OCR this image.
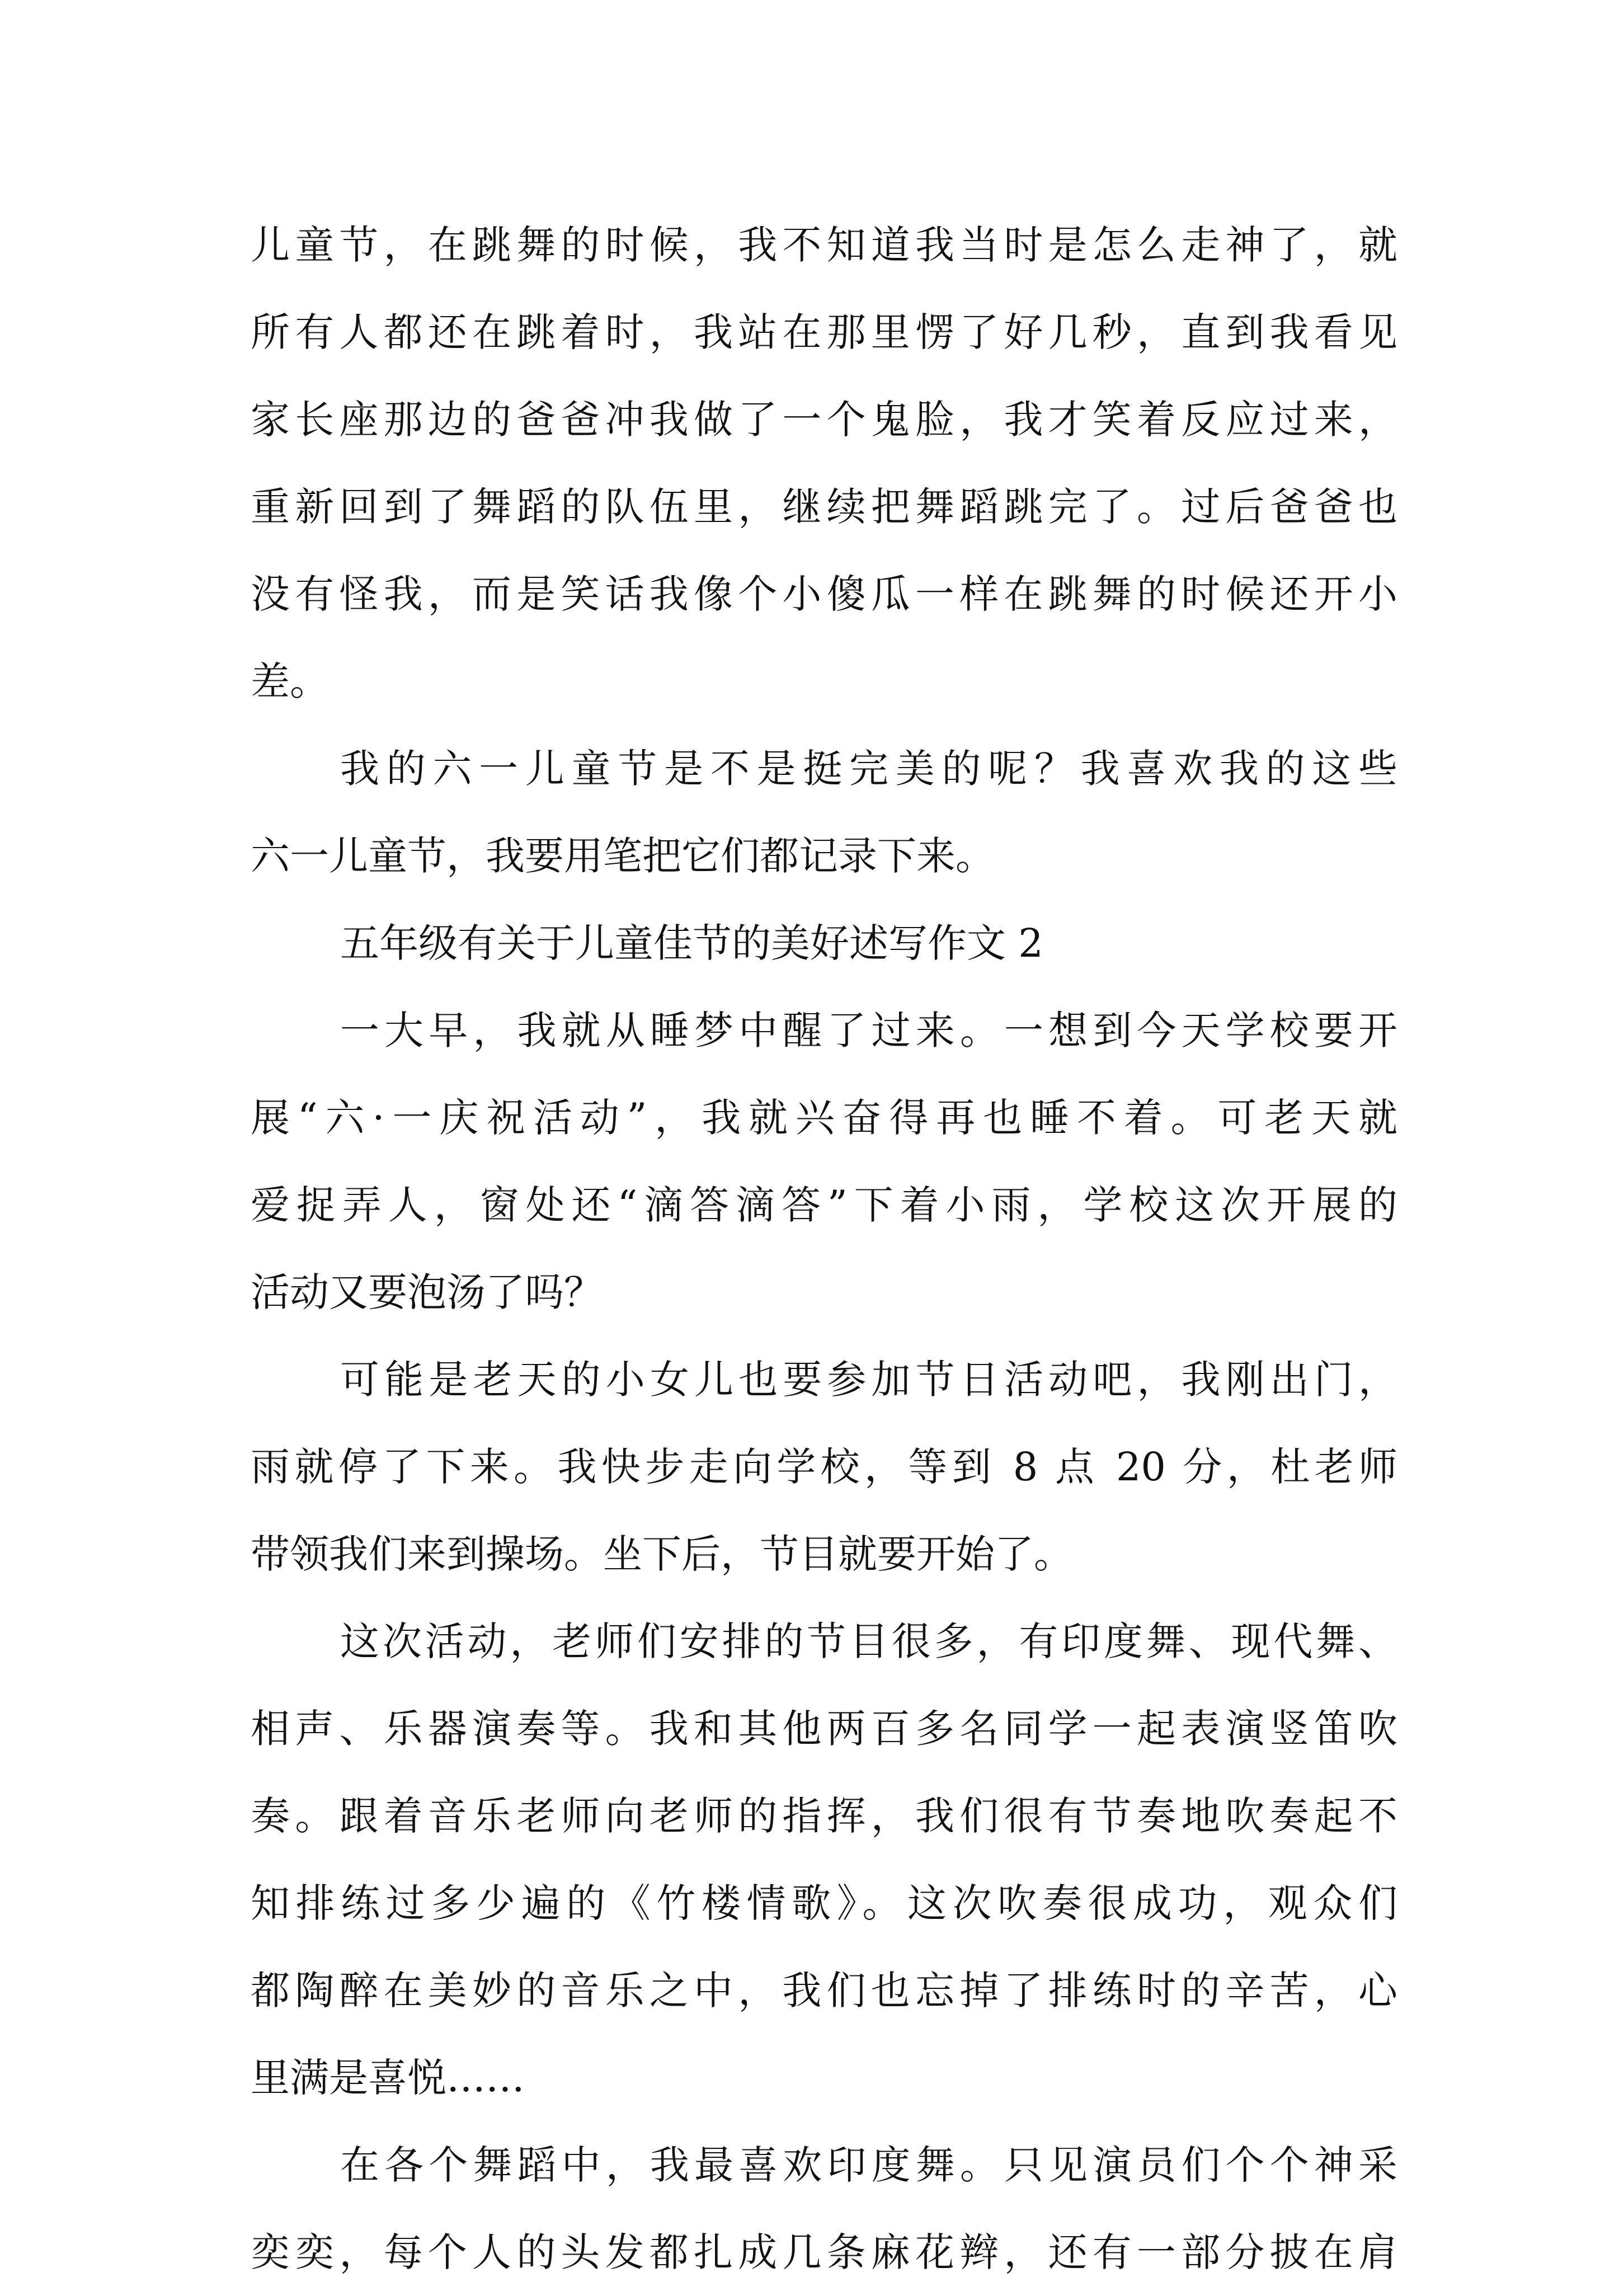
儿童节，在跳舞的时候，我不知道我当时是怎么走神了，就
所有人都还在跳着时，我站在那里愣了好几秒，直到我看见
家长座那边的爸爸冲我做了一个鬼脸，我才笑着反应过来，
重新回到了舞蹈的队伍里，继续把舞蹈跳完了。过后爸爸也
没有怪我，而是笑话我像个小傻瓜一样在跳舞的时候还开小
差。
我的六一儿童节是不是挺完美的呢？我喜欢我的这些
六一儿童节，我要用笔把它们都记录下来。
五年级有关于儿童佳节的美好述写作文 2
一大早，我就从睡梦中醒了过来。一想到今天学校要开
展“六·一庆祝活动”，我就兴奋得再也睡不着。可老天就
爱捉弄人，窗处还“滴答滴答”下着小雨，学校这次开展的
活动又要泡汤了吗？
可能是老天的小女儿也要参加节日活动吧，我刚出门，
雨就停了下来。我快步走向学校，等到 8 点 20 分，杜老师
带领我们来到操场。坐下后，节目就要开始了。
这次活动，老师们安排的节目很多，有印度舞、现代舞、
相声、乐器演奏等。我和其他两百多名同学一起表演竖笛吹
奏。跟着音乐老师向老师的指挥，我们很有节奏地吹奏起不
知排练过多少遍的《竹楼情歌》。这次吹奏很成功，观众们
都陶醉在美妙的音乐之中，我们也忘掉了排练时的辛苦，心
里满是喜悦……
在各个舞蹈中，我最喜欢印度舞。只见演员们个个神采
奕奕，每个人的头发都扎成几条麻花辫，还有一部分披在肩
